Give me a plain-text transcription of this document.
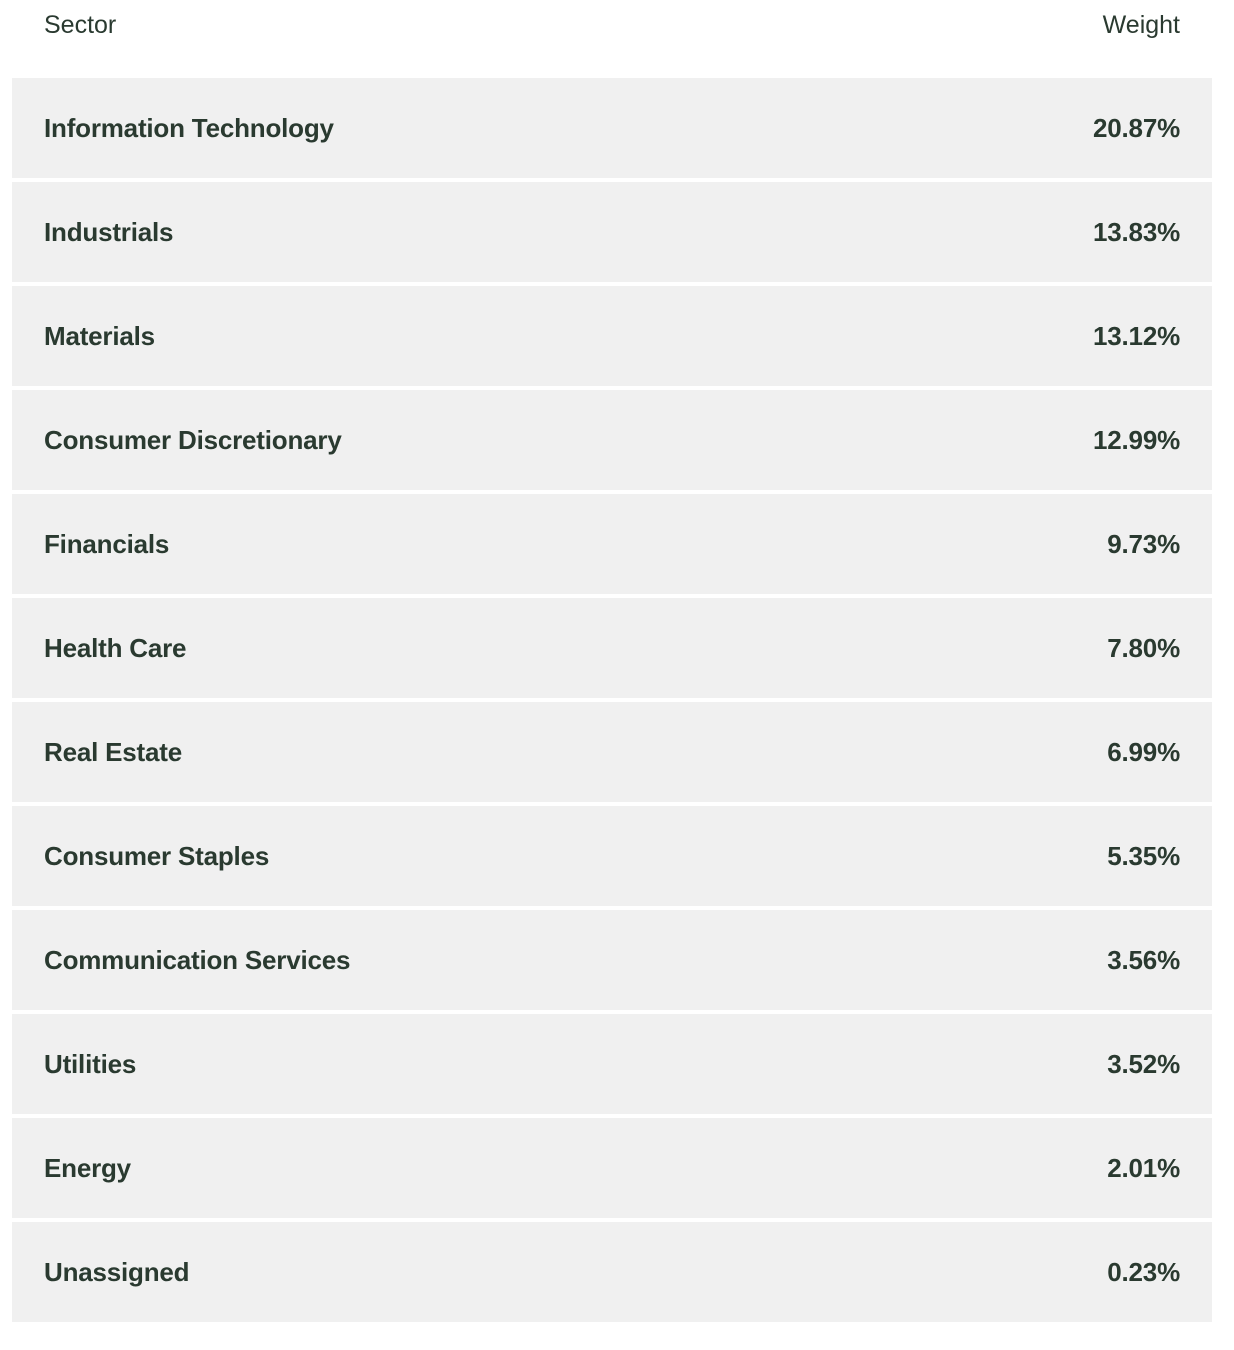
Sector	Weight
Information Technology	20.87%
Industrials	13.83%
Materials	13.12%
Consumer Discretionary	12.99%
Financials	9.73%
Health Care	7.80%
Real Estate	6.99%
Consumer Staples	5.35%
Communication Services	3.56%
Utilities	3.52%
Energy	2.01%
Unassigned	0.23%
